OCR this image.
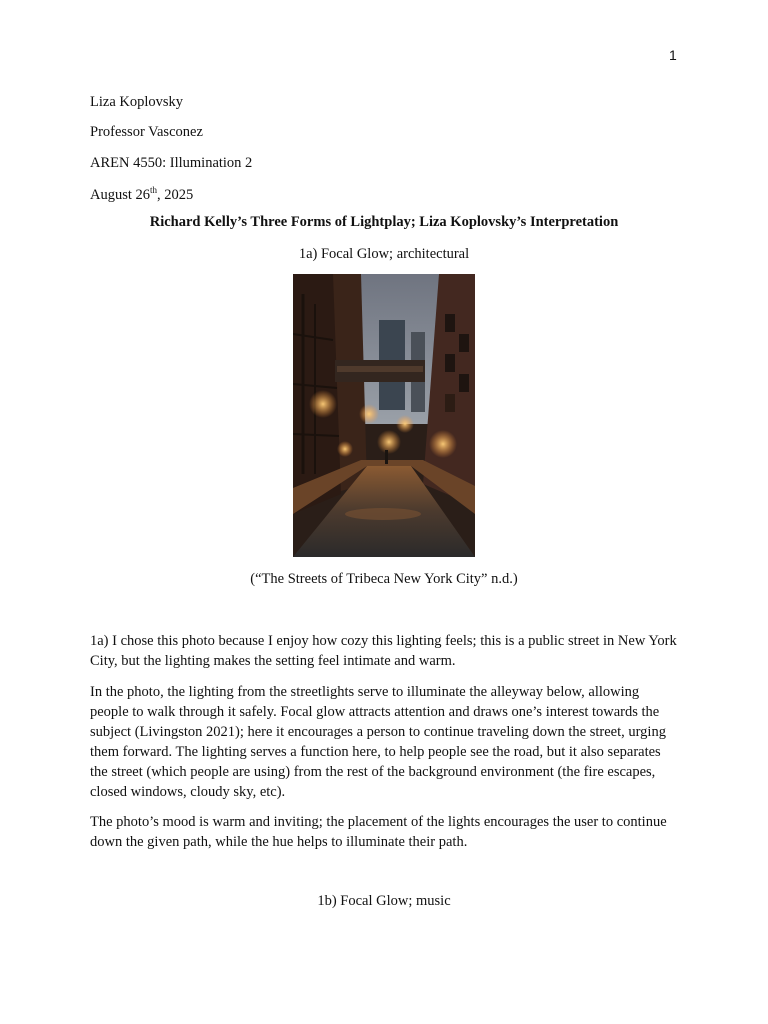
1
Liza Koplovsky
Professor Vasconez
AREN 4550: Illumination 2
August 26th, 2025
Richard Kelly’s Three Forms of Lightplay; Liza Koplovsky’s Interpretation
1a) Focal Glow; architectural
(“The Streets of Tribeca New York City” n.d.)

1a) I chose this photo because I enjoy how cozy this lighting feels; this is a public street in New York City, but the lighting makes the setting feel intimate and warm.

In the photo, the lighting from the streetlights serve to illuminate the alleyway below, allowing people to walk through it safely. Focal glow attracts attention and draws one’s interest towards the subject (Livingston 2021); here it encourages a person to continue traveling down the street, urging them forward. The lighting serves a function here, to help people see the road, but it also separates the street (which people are using) from the rest of the background environment (the fire escapes, closed windows, cloudy sky, etc).

The photo’s mood is warm and inviting; the placement of the lights encourages the user to continue down the given path, while the hue helps to illuminate their path.

1b) Focal Glow; music
